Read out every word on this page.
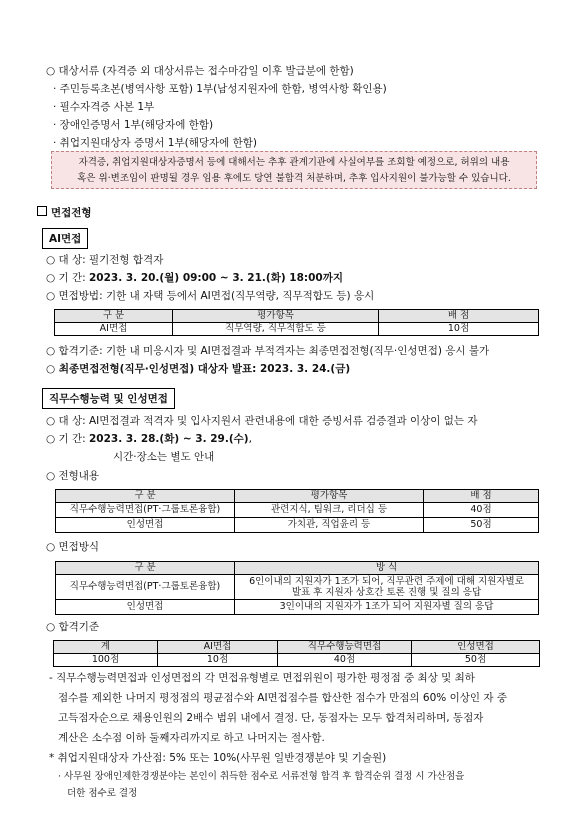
○ 대상서류 (자격증 외 대상서류는 접수마감일 이후 발급분에 한함)
· 주민등록초본(병역사항 포함) 1부(남성지원자에 한함, 병역사항 확인용)
· 필수자격증 사본 1부
· 장애인증명서 1부(해당자에 한함)
· 취업지원대상자 증명서 1부(해당자에 한함)
자격증, 취업지원대상자증명서 등에 대해서는 추후 관계기관에 사실여부를 조회할 예정으로, 허위의 내용
혹은 위·변조임이 판명될 경우 임용 후에도 당연 불합격 처분하며, 추후 입사지원이 불가능할 수 있습니다.
면접전형
AI면접
○ 대 상: 필기전형 합격자
○ 기 간: 2023. 3. 20.(월) 09:00 ~ 3. 21.(화) 18:00까지
○ 면접방법: 기한 내 자택 등에서 AI면접(직무역량, 직무적합도 등) 응시
구 분	평가항목	배 점
AI면접	직무역량, 직무적합도 등	10점
○ 합격기준: 기한 내 미응시자 및 AI면접결과 부적격자는 최종면접전형(직무·인성면접) 응시 불가
○ 최종면접전형(직무·인성면접) 대상자 발표: 2023. 3. 24.(금)
직무수행능력 및 인성면접
○ 대 상: AI면접결과 적격자 및 입사지원서 관련내용에 대한 증빙서류 검증결과 이상이 없는 자
○ 기 간: 2023. 3. 28.(화) ~ 3. 29.(수),
시간·장소는 별도 안내
○ 전형내용
구 분	평가항목	배 점
직무수행능력면접(PT·그룹토론융합)	관련지식, 팀워크, 리더십 등	40점
인성면접	가치관, 직업윤리 등	50점
○ 면접방식
구 분	방 식
직무수행능력면접(PT·그룹토론융합)	6인이내의 지원자가 1조가 되어, 직무관련 주제에 대해 지원자별로
발표 후 지원자 상호간 토론 진행 및 질의 응답

인성면접	3인이내의 지원자가 1조가 되어 지원자별 질의 응답
○ 합격기준
계	AI면접	직무수행능력면접	인성면접
100점	10점	40점	50점
- 직무수행능력면접과 인성면접의 각 면접유형별로 면접위원이 평가한 평정점 중 최상 및 최하
점수를 제외한 나머지 평정점의 평균점수와 AI면접점수를 합산한 점수가 만점의 60% 이상인 자 중
고득점자순으로 채용인원의 2배수 범위 내에서 결정. 단, 동점자는 모두 합격처리하며, 동점자
계산은 소수점 이하 둘째자리까지로 하고 나머지는 절사함.
* 취업지원대상자 가산점: 5% 또는 10%(사무원 일반경쟁분야 및 기술원)
· 사무원 장애인제한경쟁분야는 본인이 취득한 점수로 서류전형 합격 후 합격순위 결정 시 가산점을
더한 점수로 결정
